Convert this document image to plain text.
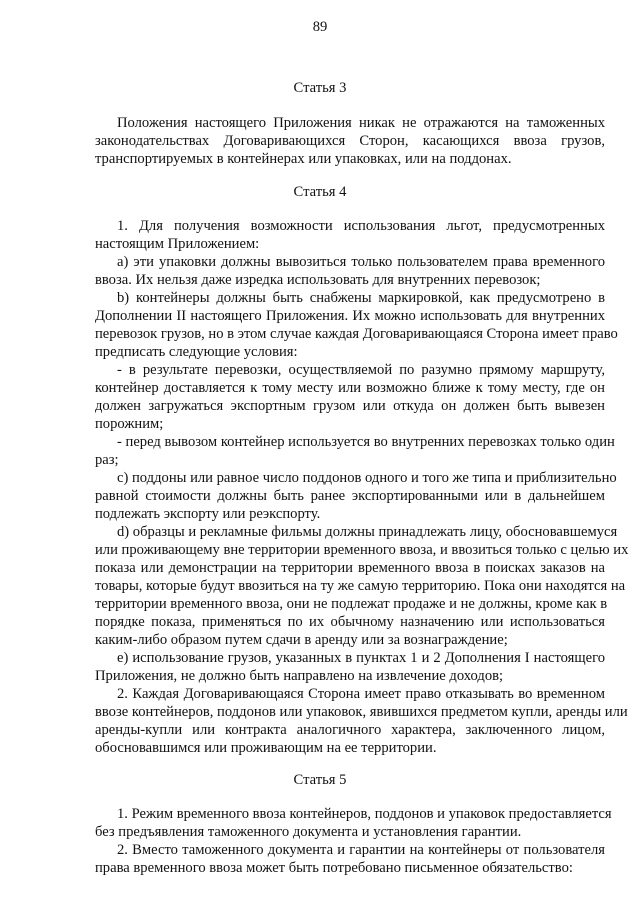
89
Статья 3
Положения настоящего Приложения никак не отражаются на таможенных
законодательствах Договаривающихся Сторон, касающихся ввоза грузов,
транспортируемых в контейнерах или упаковках, или на поддонах.
Статья 4
1. Для получения возможности использования льгот, предусмотренных
настоящим Приложением:
а) эти упаковки должны вывозиться только пользователем права временного
ввоза. Их нельзя даже изредка использовать для внутренних перевозок;
b) контейнеры должны быть снабжены маркировкой, как предусмотрено в
Дополнении II настоящего Приложения. Их можно использовать для внутренних
перевозок грузов, но в этом случае каждая Договаривающаяся Сторона имеет право
предписать следующие условия:
- в результате перевозки, осуществляемой по разумно прямому маршруту,
контейнер доставляется к тому месту или возможно ближе к тому месту, где он
должен загружаться экспортным грузом или откуда он должен быть вывезен
порожним;
- перед вывозом контейнер используется во внутренних перевозках только один
раз;
с) поддоны или равное число поддонов одного и того же типа и приблизительно
равной стоимости должны быть ранее экспортированными или в дальнейшем
подлежать экспорту или реэкспорту.
d) образцы и рекламные фильмы должны принадлежать лицу, обосновавшемуся
или проживающему вне территории временного ввоза, и ввозиться только с целью их
показа или демонстрации на территории временного ввоза в поисках заказов на
товары, которые будут ввозиться на ту же самую территорию. Пока они находятся на
территории временного ввоза, они не подлежат продаже и не должны, кроме как в
порядке показа, применяться по их обычному назначению или использоваться
каким-либо образом путем сдачи в аренду или за вознаграждение;
е) использование грузов, указанных в пунктах 1 и 2 Дополнения I настоящего
Приложения, не должно быть направлено на извлечение доходов;
2. Каждая Договаривающаяся Сторона имеет право отказывать во временном
ввозе контейнеров, поддонов или упаковок, явившихся предметом купли, аренды или
аренды-купли или контракта аналогичного характера, заключенного лицом,
обосновавшимся или проживающим на ее территории.
Статья 5
1. Режим временного ввоза контейнеров, поддонов и упаковок предоставляется
без предъявления таможенного документа и установления гарантии.
2. Вместо таможенного документа и гарантии на контейнеры от пользователя
права временного ввоза может быть потребовано письменное обязательство:
